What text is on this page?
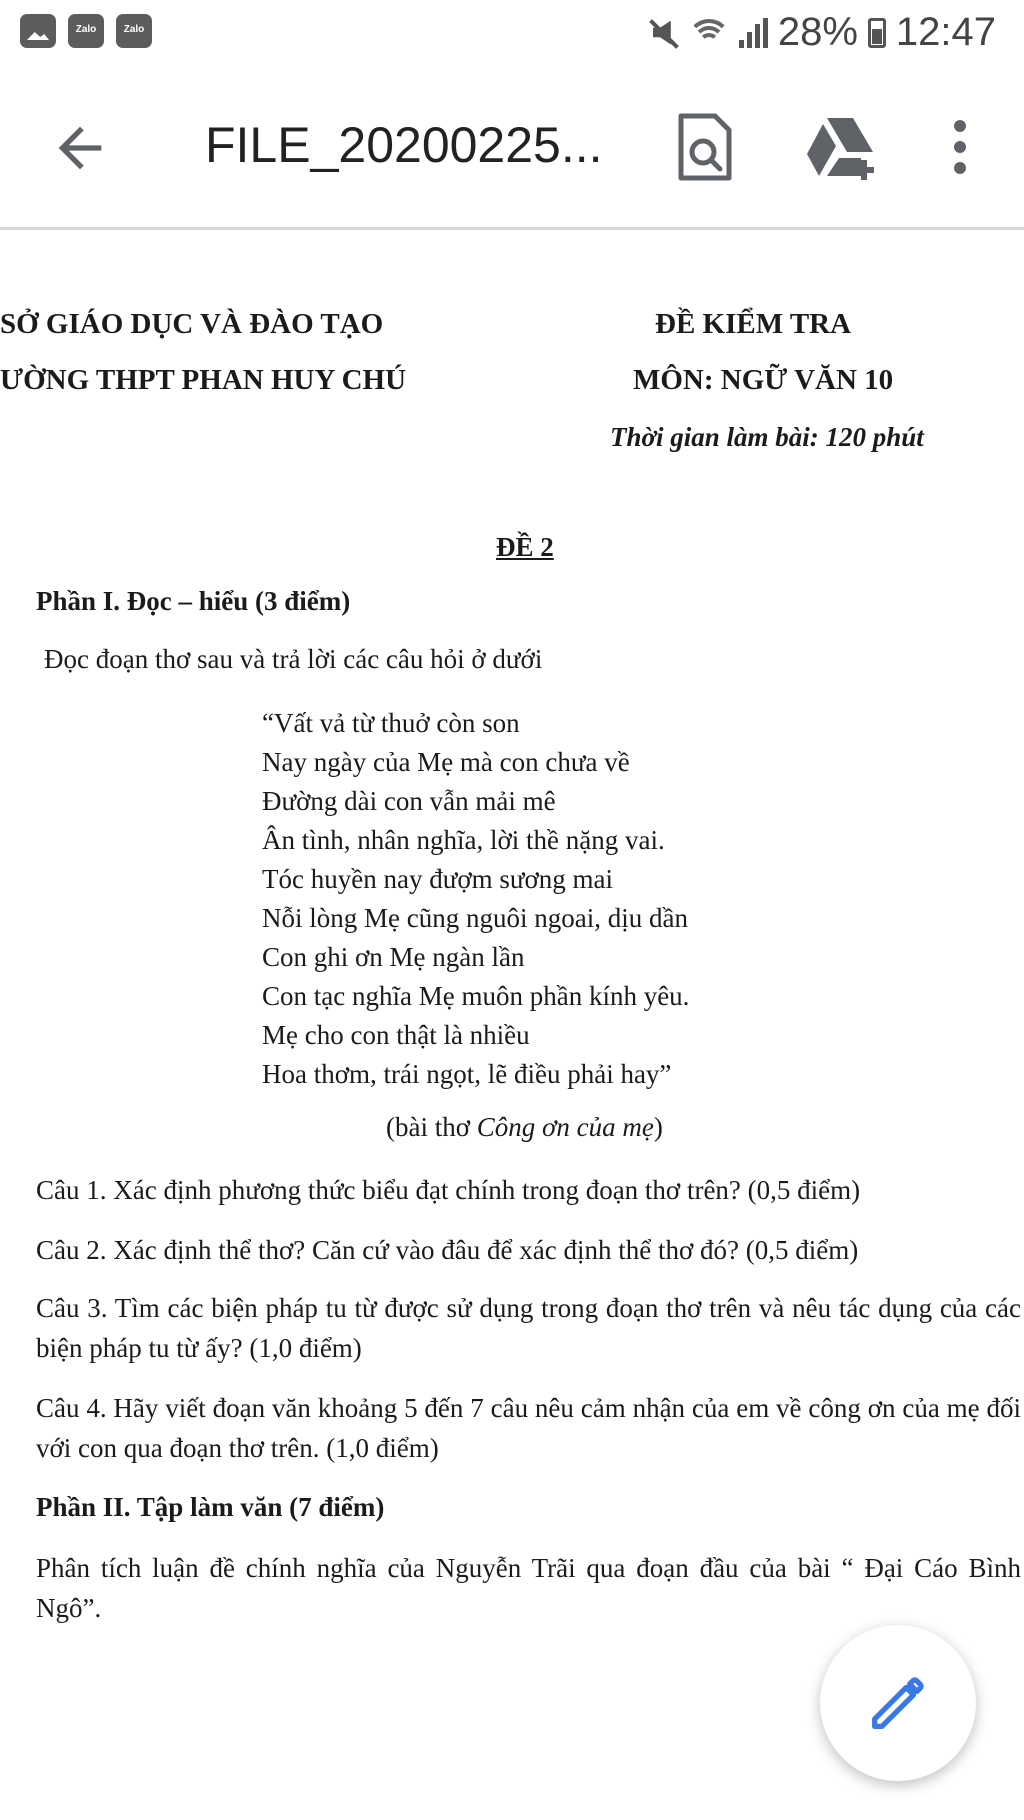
Zalo	Zalo	28% 12:47
FILE_20200225...
SỞ GIÁO DỤC VÀ ĐÀO TẠO
ƯỜNG THPT PHAN HUY CHÚ
ĐỀ KIỂM TRA
MÔN: NGỮ VĂN 10
Thời gian làm bài: 120 phút
ĐỀ 2
Phần I. Đọc – hiểu (3 điểm)
Đọc đoạn thơ sau và trả lời các câu hỏi ở dưới
“Vất vả từ thuở còn son
Nay ngày của Mẹ mà con chưa về
Đường dài con vẫn mải mê
Ân tình, nhân nghĩa, lời thề nặng vai.
Tóc huyền nay đượm sương mai
Nỗi lòng Mẹ cũng nguôi ngoai, dịu dần
Con ghi ơn Mẹ ngàn lần
Con tạc nghĩa Mẹ muôn phần kính yêu.
Mẹ cho con thật là nhiều
Hoa thơm, trái ngọt, lẽ điều phải hay”
(bài thơ Công ơn của mẹ)
Câu 1. Xác định phương thức biểu đạt chính trong đoạn thơ trên? (0,5 điểm)
Câu 2. Xác định thể thơ? Căn cứ vào đâu để xác định thể thơ đó? (0,5 điểm)
Câu 3. Tìm các biện pháp tu từ được sử dụng trong đoạn thơ trên và nêu tác dụng của các biện pháp tu từ ấy? (1,0 điểm)
Câu 4. Hãy viết đoạn văn khoảng 5 đến 7 câu nêu cảm nhận của em về công ơn của mẹ đối với con qua đoạn thơ trên. (1,0 điểm)
Phần II. Tập làm văn (7 điểm)
Phân tích luận đề chính nghĩa của Nguyễn Trãi qua đoạn đầu của bài “ Đại Cáo Bình Ngô”.
